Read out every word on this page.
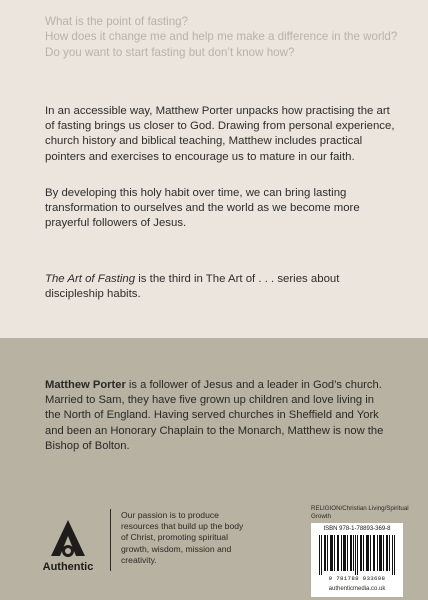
What is the point of fasting?

How does it change me and help me make a difference in the world?

Do you want to start fasting but don’t know how?

In an accessible way, Matthew Porter unpacks how practising the art of fasting brings us closer to God. Drawing from personal experience, church history and biblical teaching, Matthew includes practical pointers and exercises to encourage us to mature in our faith.

By developing this holy habit over time, we can bring lasting transformation to ourselves and the world as we become more prayerful followers of Jesus.

The Art of Fasting is the third in The Art of . . . series about discipleship habits.

Matthew Porter is a follower of Jesus and a leader in God’s church. Married to Sam, they have five grown up children and love living in the North of England. Having served churches in Sheffield and York and been an Honorary Chaplain to the Monarch, Matthew is now the Bishop of Bolton.

Authentic

Our passion is to produce resources that build up the body of Christ, promoting spiritual growth, wisdom, mission and creativity.

RELIGION/Christian Living/Spiritual Growth
ISBN 978-1-78893-369-8
9 781788 933698
authenticmedia.co.uk
